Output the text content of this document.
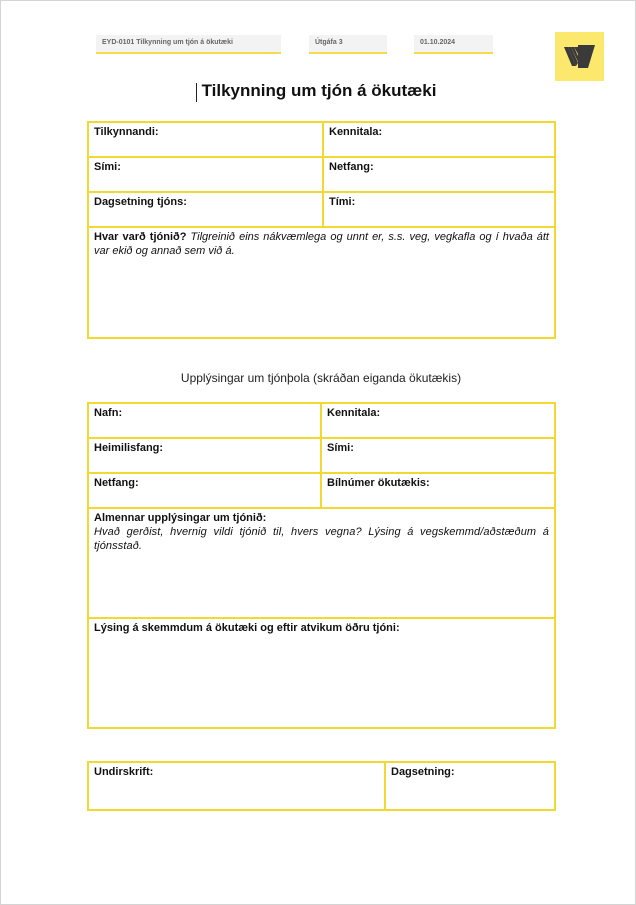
EYD-0101 Tilkynning um tjón á ökutæki	Útgáfa 3	01.10.2024
Tilkynning um tjón á ökutæki
Tilkynnandi:	Kennitala:
Sími:	Netfang:
Dagsetning tjóns:	Tími:
Hvar varð tjónið? Tilgreinið eins nákvæmlega og unnt er, s.s. veg, vegkafla og í hvaða átt var ekið og annað sem við á.	
Upplýsingar um tjónþola (skráðan eiganda ökutækis)
Nafn:	Kennitala:
Heimilisfang:	Sími:
Netfang:	Bílnúmer ökutækis:

Almennar upplýsingar um tjónið:
Hvað gerðist, hvernig vildi tjónið til, hvers vegna? Lýsing á vegskemmd/aðstæðum á tjónsstað.	

Lýsing á skemmdum á ökutæki og eftir atvikum öðru tjóni:	
Undirskrift:	Dagsetning:
